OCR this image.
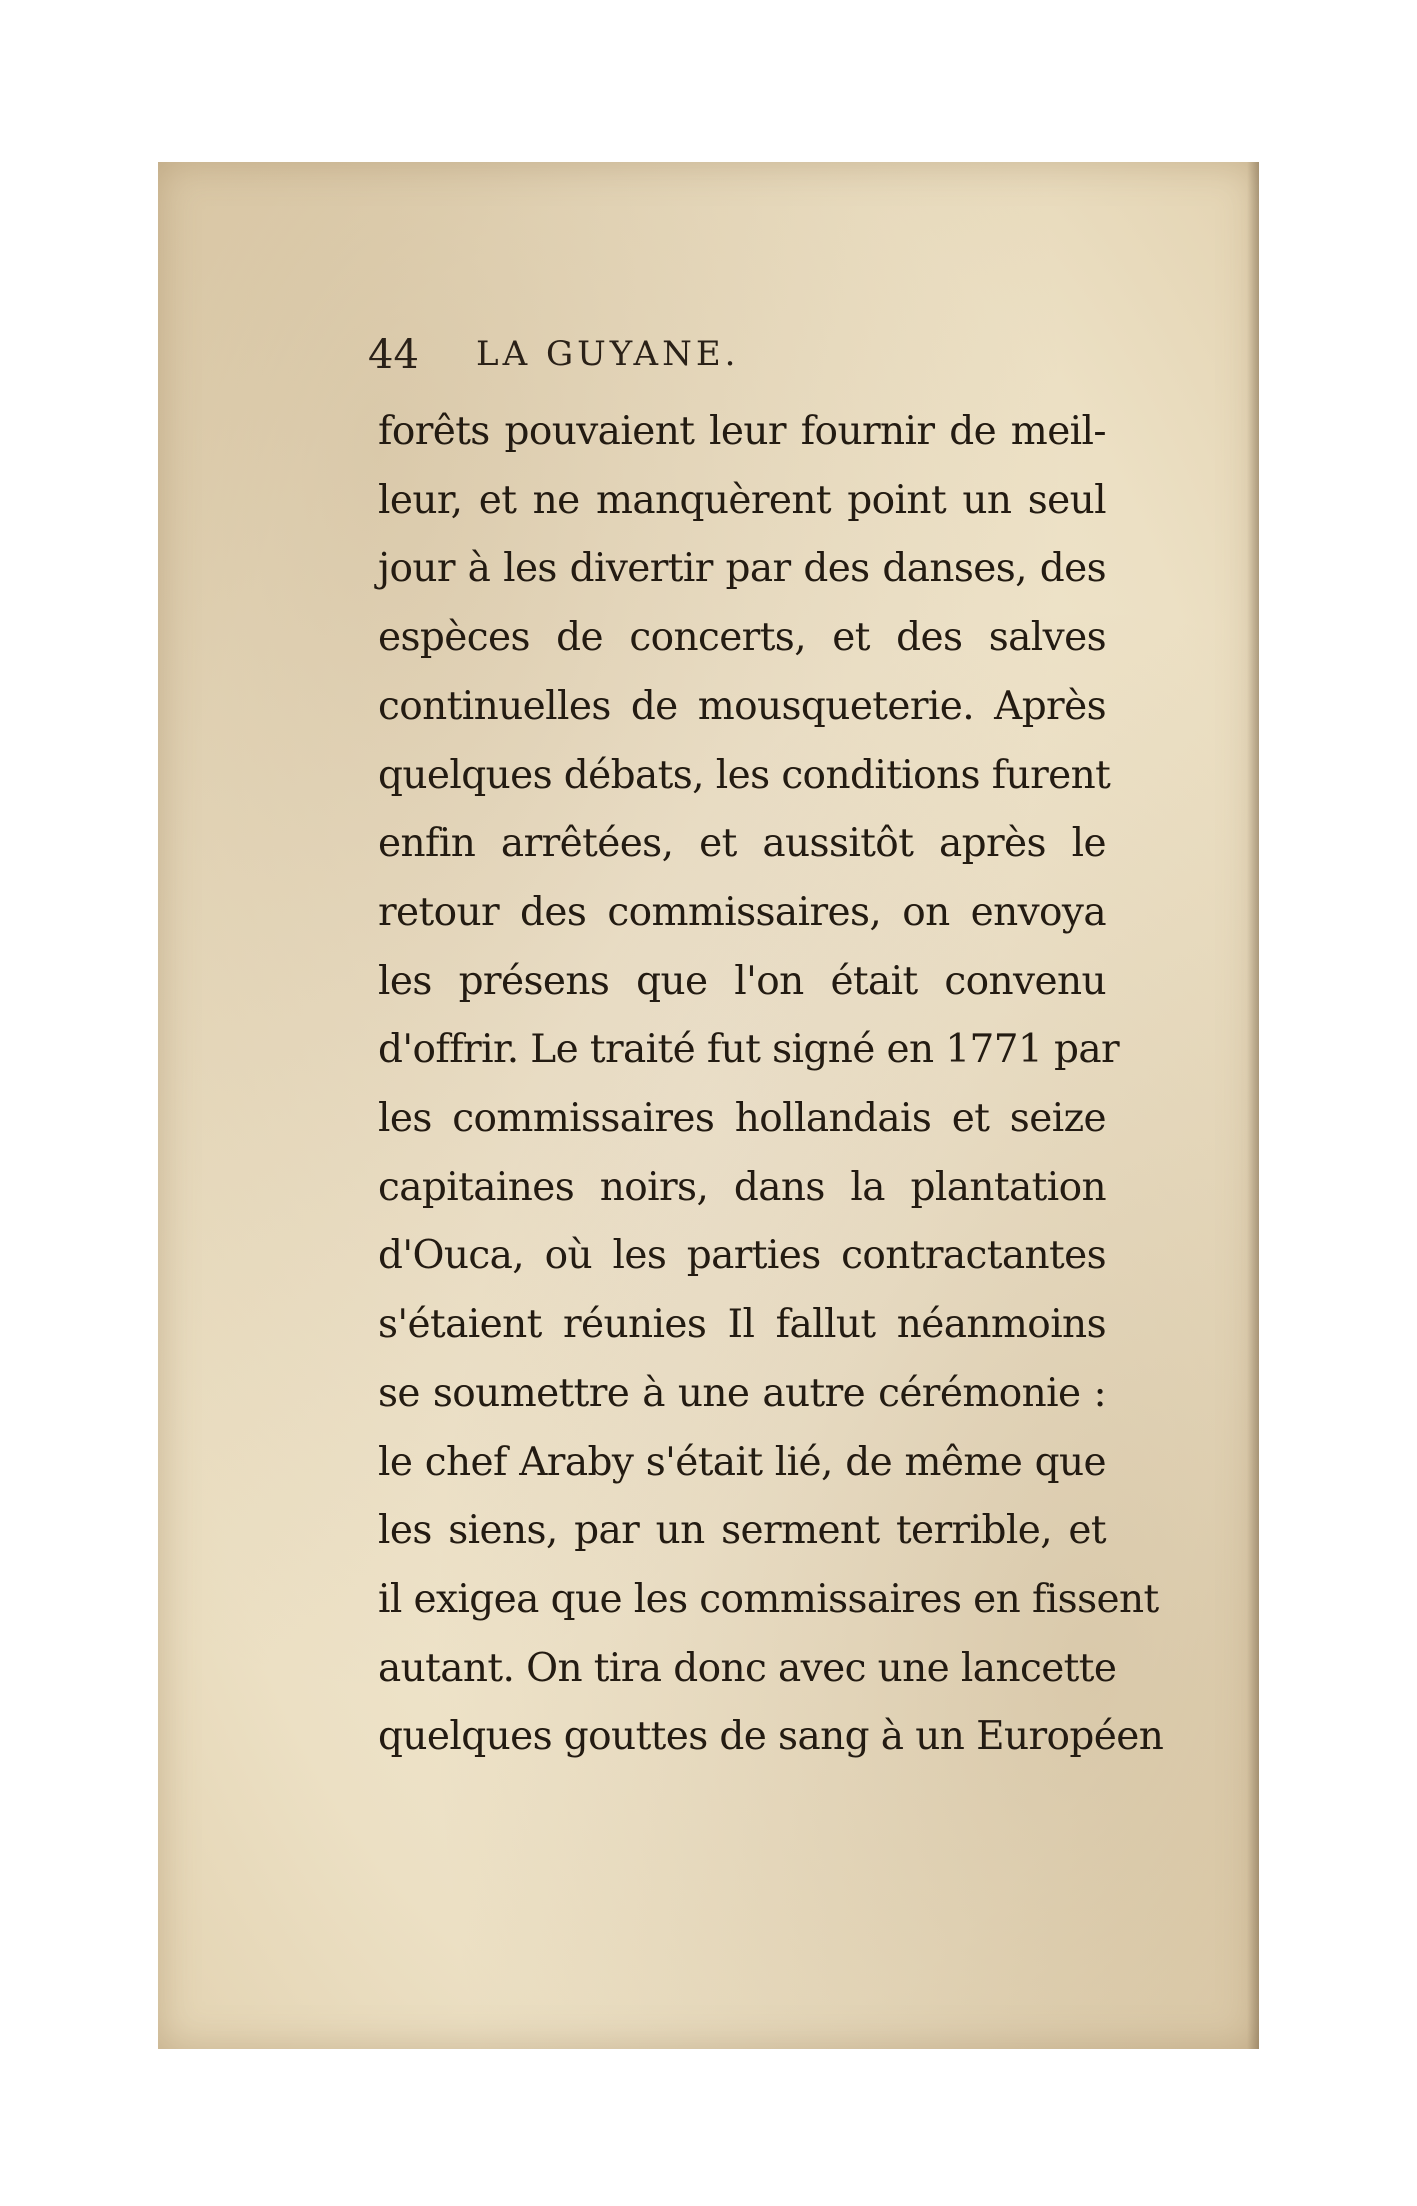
44 LA GUYANE.
forêts pouvaient leur fournir de meil-
leur, et ne manquèrent point un seul
jour à les divertir par des danses, des
espèces de concerts, et des salves
continuelles de mousqueterie. Après
quelques débats, les conditions furent
enfin arrêtées, et aussitôt après le
retour des commissaires, on envoya
les présens que l'on était convenu
d'offrir. Le traité fut signé en 1771 par
les commissaires hollandais et seize
capitaines noirs, dans la plantation
d'Ouca, où les parties contractantes
s'étaient réunies Il fallut néanmoins
se soumettre à une autre cérémonie :
le chef Araby s'était lié, de même que
les siens, par un serment terrible, et
il exigea que les commissaires en fissent
autant. On tira donc avec une lancette
quelques gouttes de sang à un Européen
